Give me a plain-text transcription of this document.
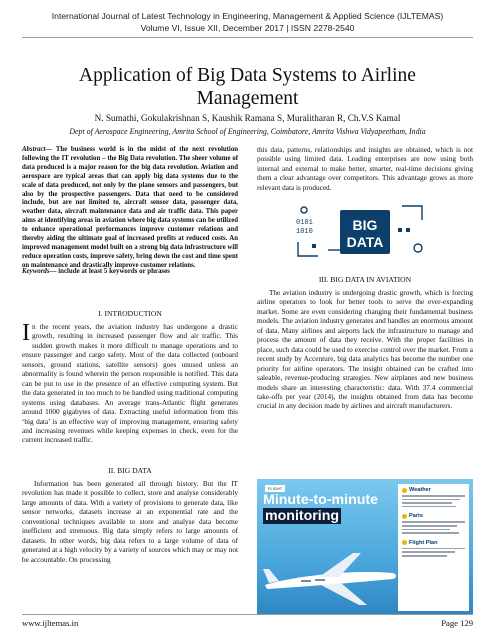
International Journal of Latest Technology in Engineering, Management & Applied Science (IJLTEMAS)
Volume VI, Issue XII, December 2017 | ISSN 2278-2540
Application of Big Data Systems to Airline Management
N. Sumathi, Gokulakrishnan S, Kaushik Ramana S, Muralitharan R, Ch.V.S Kamal
Dept of Aerospace Engineering, Amrita School of Engineering, Coimbatore, Amrita Vishwa Vidyapeetham, India
Abstract— The business world is in the midst of the next revolution following the IT revolution – the Big Data revolution. The sheer volume of data produced is a major reason for the big data revolution. Aviation and aerospace are typical areas that can apply big data systems due to the scale of data produced, not only by the plane sensors and passengers, but also by the prospective passengers. Data that need to be considered include, but are not limited to, aircraft sensor data, passenger data, weather data, aircraft maintenance data and air traffic data. This paper aims at identifying areas in aviation where big data systems can be utilized to enhance operational performances improve customer relations and thereby aiding the ultimate goal of increased profits at reduced costs. An improved management model built on a strong big data infrastructure will reduce operation costs, improve safety, bring down the cost and time spent on maintenance and drastically improve customer relations.
Keywords— include at least 5 keywords or phrases
I. INTRODUCTION
In the recent years, the aviation industry has undergone a drastic growth, resulting in increased passenger flow and air traffic. This sudden growth makes it more difficult to manage operations and to ensure passenger and cargo safety. Most of the data collected (onboard sensors, ground stations, satellite sensors) goes unused unless an abnormality is found wherein the person responsible is notified. This data can be put to use in the presence of an effective computing system. But the data generated in too much to be handled using traditional computing systems using databases. An average trans-Atlantic flight generates around 1000 gigabytes of data. Extracting useful information from this ‘big data’ is an effective way of improving management, ensuring safety and increasing revenues while keeping expenses in check, even for the current increased traffic.
II. BIG DATA
Information has been generated all through history. But the IT revolution has made it possible to collect, store and analyse considerably large amounts of data. With a variety of provisions to generate data, like sensor networks, datasets increase at an exponential rate and the conventional techniques available to store and analyse data become inefficient and strenuous. Big data simply refers to large amounts of datasets. In other words, big data refers to a large volume of data of generated at a high velocity by a variety of sources which may or may not be accountable. On processing
this data, patterns, relationships and insights are obtained, which is not possible using limited data. Leading enterprises are now using both internal and external to make better, smarter, real-time decisions giving them a clear advantage over competitors. This advantage grows as more relevant data is produced.
0101
1010	BIG
DATA
III. BIG DATA IN AVIATION
The aviation industry is undergoing drastic growth, which is forcing airline operators to look for better tools to serve the ever-expanding market. Some are even considering changing their fundamental business models. The aviation industry generates and handles an enormous amount of data. Many airlines and airports lack the infrastructure to manage and process the amount of data they receive. With the proper facilities in place, such data could be used to exercise control over the market. From a recent study by Accenture, big data analytics has become the number one priority for airline operators. The insight obtained can be crafted into saleable, revenue-producing strategies. New airplanes and new business models share an interesting characteristic: data. With 37.4 commercial take-offs per year (2014), the insights obtained from data has become crucial in any decision made by airlines and aircraft manufacturers.
FLIGHT
Minute-to-minute
monitoring
Weather
Parts
Flight Plan
www.ijltemas.in	Page 129
